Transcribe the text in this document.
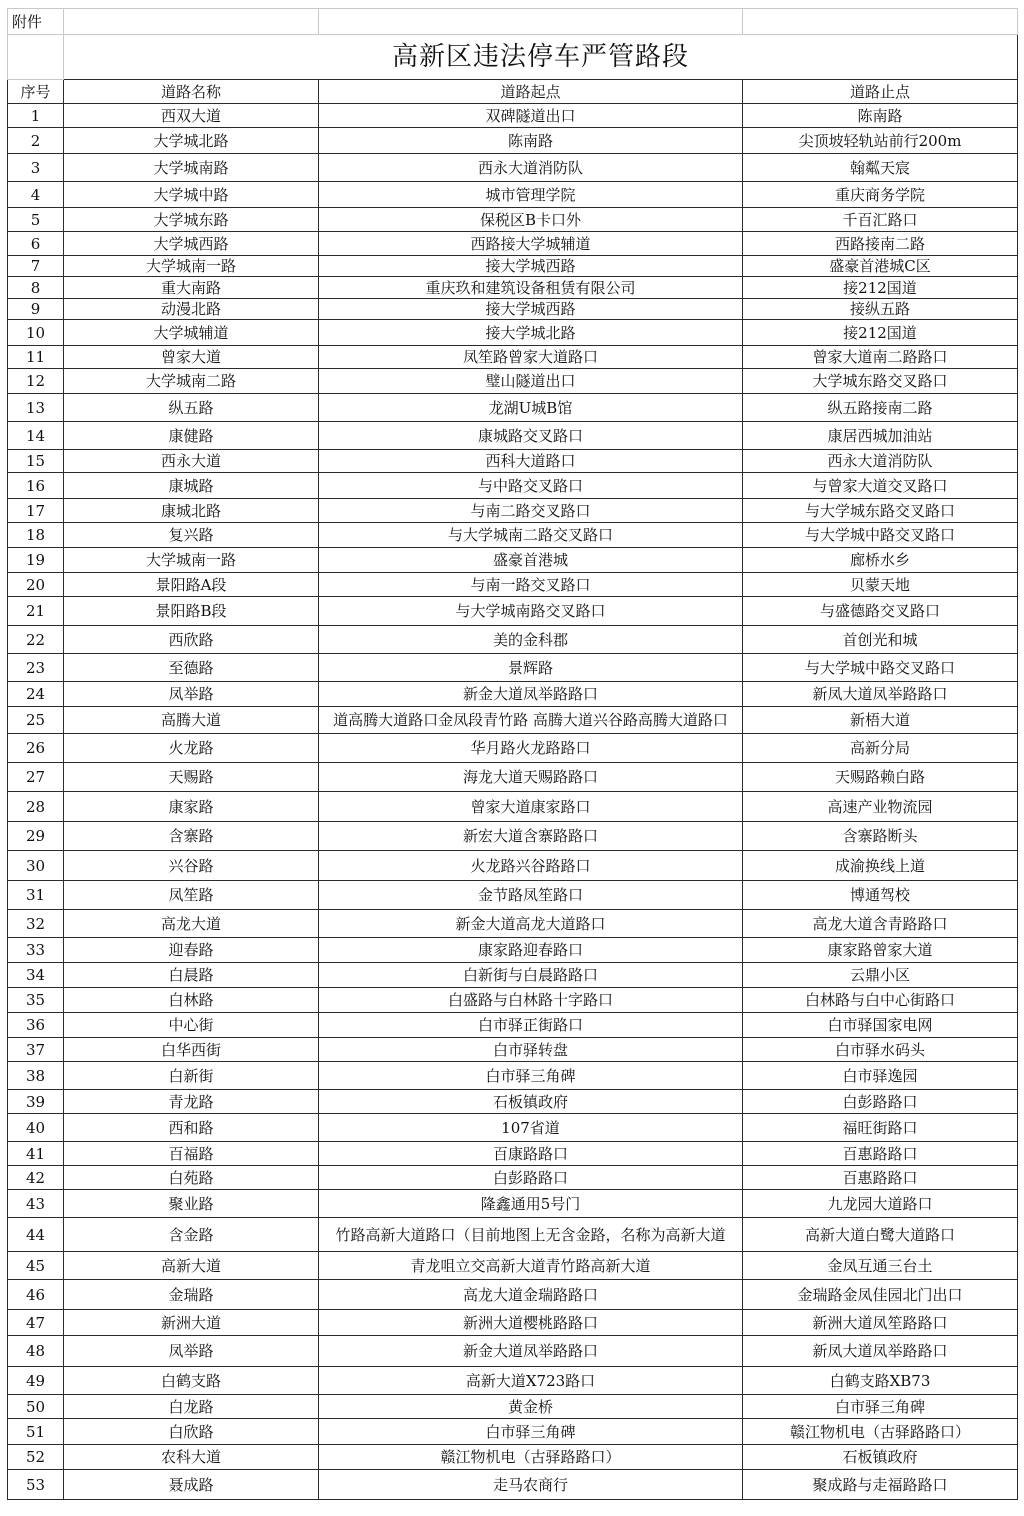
附件			
	高新区违法停车严管路段		
序号	道路名称	道路起点	道路止点
1	西双大道	双碑隧道出口	陈南路
2	大学城北路	陈南路	尖顶坡轻轨站前行200m
3	大学城南路	西永大道消防队	翰粼天宸
4	大学城中路	城市管理学院	重庆商务学院
5	大学城东路	保税区B卡口外	千百汇路口
6	大学城西路	西路接大学城辅道	西路接南二路
7	大学城南一路	接大学城西路	盛豪首港城C区
8	重大南路	重庆玖和建筑设备租赁有限公司	接212国道
9	动漫北路	接大学城西路	接纵五路
10	大学城辅道	接大学城北路	接212国道
11	曾家大道	凤笙路曾家大道路口	曾家大道南二路路口
12	大学城南二路	璧山隧道出口	大学城东路交叉路口
13	纵五路	龙湖U城B馆	纵五路接南二路
14	康健路	康城路交叉路口	康居西城加油站
15	西永大道	西科大道路口	西永大道消防队
16	康城路	与中路交叉路口	与曾家大道交叉路口
17	康城北路	与南二路交叉路口	与大学城东路交叉路口
18	复兴路	与大学城南二路交叉路口	与大学城中路交叉路口
19	大学城南一路	盛豪首港城	廊桥水乡
20	景阳路A段	与南一路交叉路口	贝蒙天地
21	景阳路B段	与大学城南路交叉路口	与盛德路交叉路口
22	西欣路	美的金科郡	首创光和城
23	至德路	景辉路	与大学城中路交叉路口
24	凤举路	新金大道凤举路路口	新凤大道凤举路路口
25	高腾大道	道高腾大道路口金凤段青竹路 高腾大道兴谷路高腾大道路口	新梧大道
26	火龙路	华月路火龙路路口	高新分局
27	天赐路	海龙大道天赐路路口	天赐路赖白路
28	康家路	曾家大道康家路口	高速产业物流园
29	含寨路	新宏大道含寨路路口	含寨路断头
30	兴谷路	火龙路兴谷路路口	成渝换线上道
31	凤笙路	金节路凤笙路口	博通驾校
32	高龙大道	新金大道高龙大道路口	高龙大道含青路路口
33	迎春路	康家路迎春路口	康家路曾家大道
34	白晨路	白新街与白晨路路口	云鼎小区
35	白林路	白盛路与白林路十字路口	白林路与白中心街路口
36	中心街	白市驿正街路口	白市驿国家电网
37	白华西街	白市驿转盘	白市驿水码头
38	白新街	白市驿三角碑	白市驿逸园
39	青龙路	石板镇政府	白彭路路口
40	西和路	107省道	福旺街路口
41	百福路	百康路路口	百惠路路口
42	白苑路	白彭路路口	百惠路路口
43	聚业路	隆鑫通用5号门	九龙园大道路口
44	含金路	竹路高新大道路口（目前地图上无含金路，名称为高新大道	高新大道白鹭大道路口
45	高新大道	青龙咀立交高新大道青竹路高新大道	金凤互通三台土
46	金瑞路	高龙大道金瑞路路口	金瑞路金凤佳园北门出口
47	新洲大道	新洲大道樱桃路路口	新洲大道凤笙路路口
48	凤举路	新金大道凤举路路口	新凤大道凤举路路口
49	白鹤支路	高新大道X723路口	白鹤支路XB73
50	白龙路	黄金桥	白市驿三角碑
51	白欣路	白市驿三角碑	赣江物机电（古驿路路口）
52	农科大道	赣江物机电（古驿路路口）	石板镇政府
53	聂成路	走马农商行	聚成路与走福路路口
